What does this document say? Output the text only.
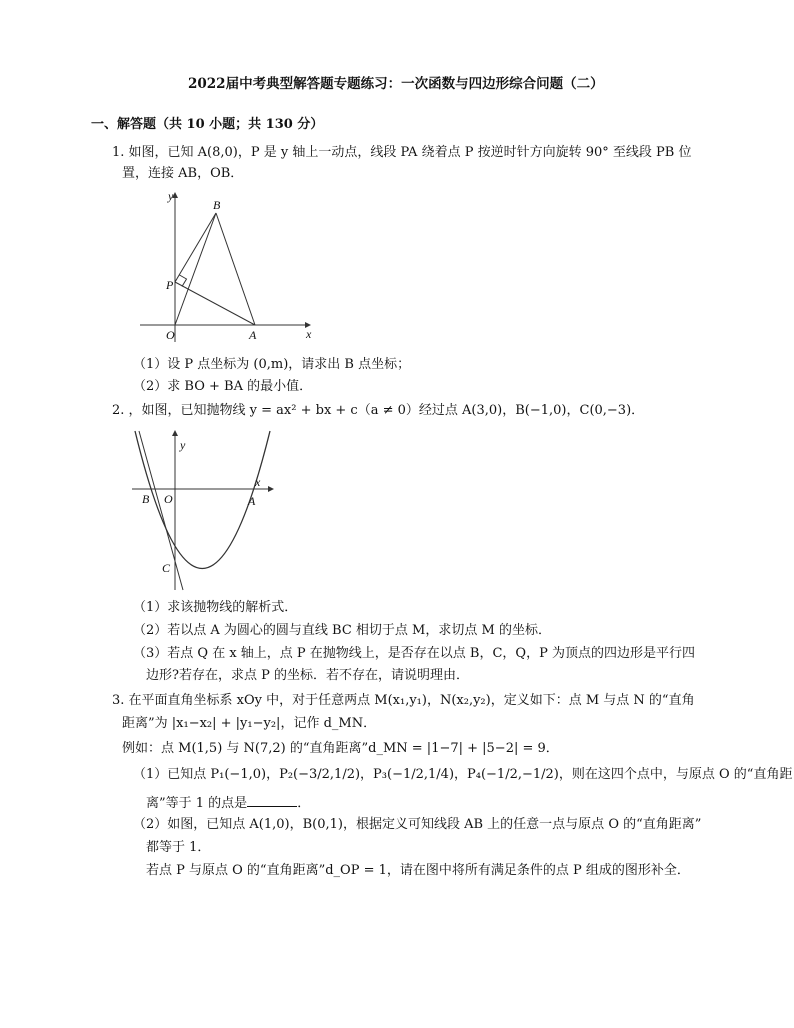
2022届中考典型解答题专题练习：一次函数与四边形综合问题（二）
一、解答题（共 10 小题；共 130 分）
1. 如图，已知 A(8,0)，P 是 y 轴上一动点，线段 PA 绕着点 P 按逆时针方向旋转 90° 至线段 PB 位
置，连接 AB，OB．
y
x
B
P
O	A
（1）设 P 点坐标为 (0,m)，请求出 B 点坐标；
（2）求 BO + BA 的最小值．
2. ，如图，已知抛物线 y = ax² + bx + c（a ≠ 0）经过点 A(3,0)，B(−1,0)，C(0,−3)．
y
x
B O	A
C
（1）求该抛物线的解析式．
（2）若以点 A 为圆心的圆与直线 BC 相切于点 M，求切点 M 的坐标．
（3）若点 Q 在 x 轴上，点 P 在抛物线上，是否存在以点 B，C，Q，P 为顶点的四边形是平行四
边形?若存在，求点 P 的坐标．若不存在，请说明理由．
3. 在平面直角坐标系 xOy 中，对于任意两点 M(x₁,y₁)，N(x₂,y₂)，定义如下：点 M 与点 N 的“直角
距离”为 |x₁−x₂| + |y₁−y₂|，记作 d_MN．
例如：点 M(1,5) 与 N(7,2) 的“直角距离”d_MN = |1−7| + |5−2| = 9．
（1）已知点 P₁(−1,0)，P₂(−3/2,1/2)，P₃(−1/2,1/4)，P₄(−1/2,−1/2)，则在这四个点中，与原点 O 的“直角距
离”等于 1 的点是	．
（2）如图，已知点 A(1,0)，B(0,1)，根据定义可知线段 AB 上的任意一点与原点 O 的“直角距离”
都等于 1．
若点 P 与原点 O 的“直角距离”d_OP = 1，请在图中将所有满足条件的点 P 组成的图形补全．
